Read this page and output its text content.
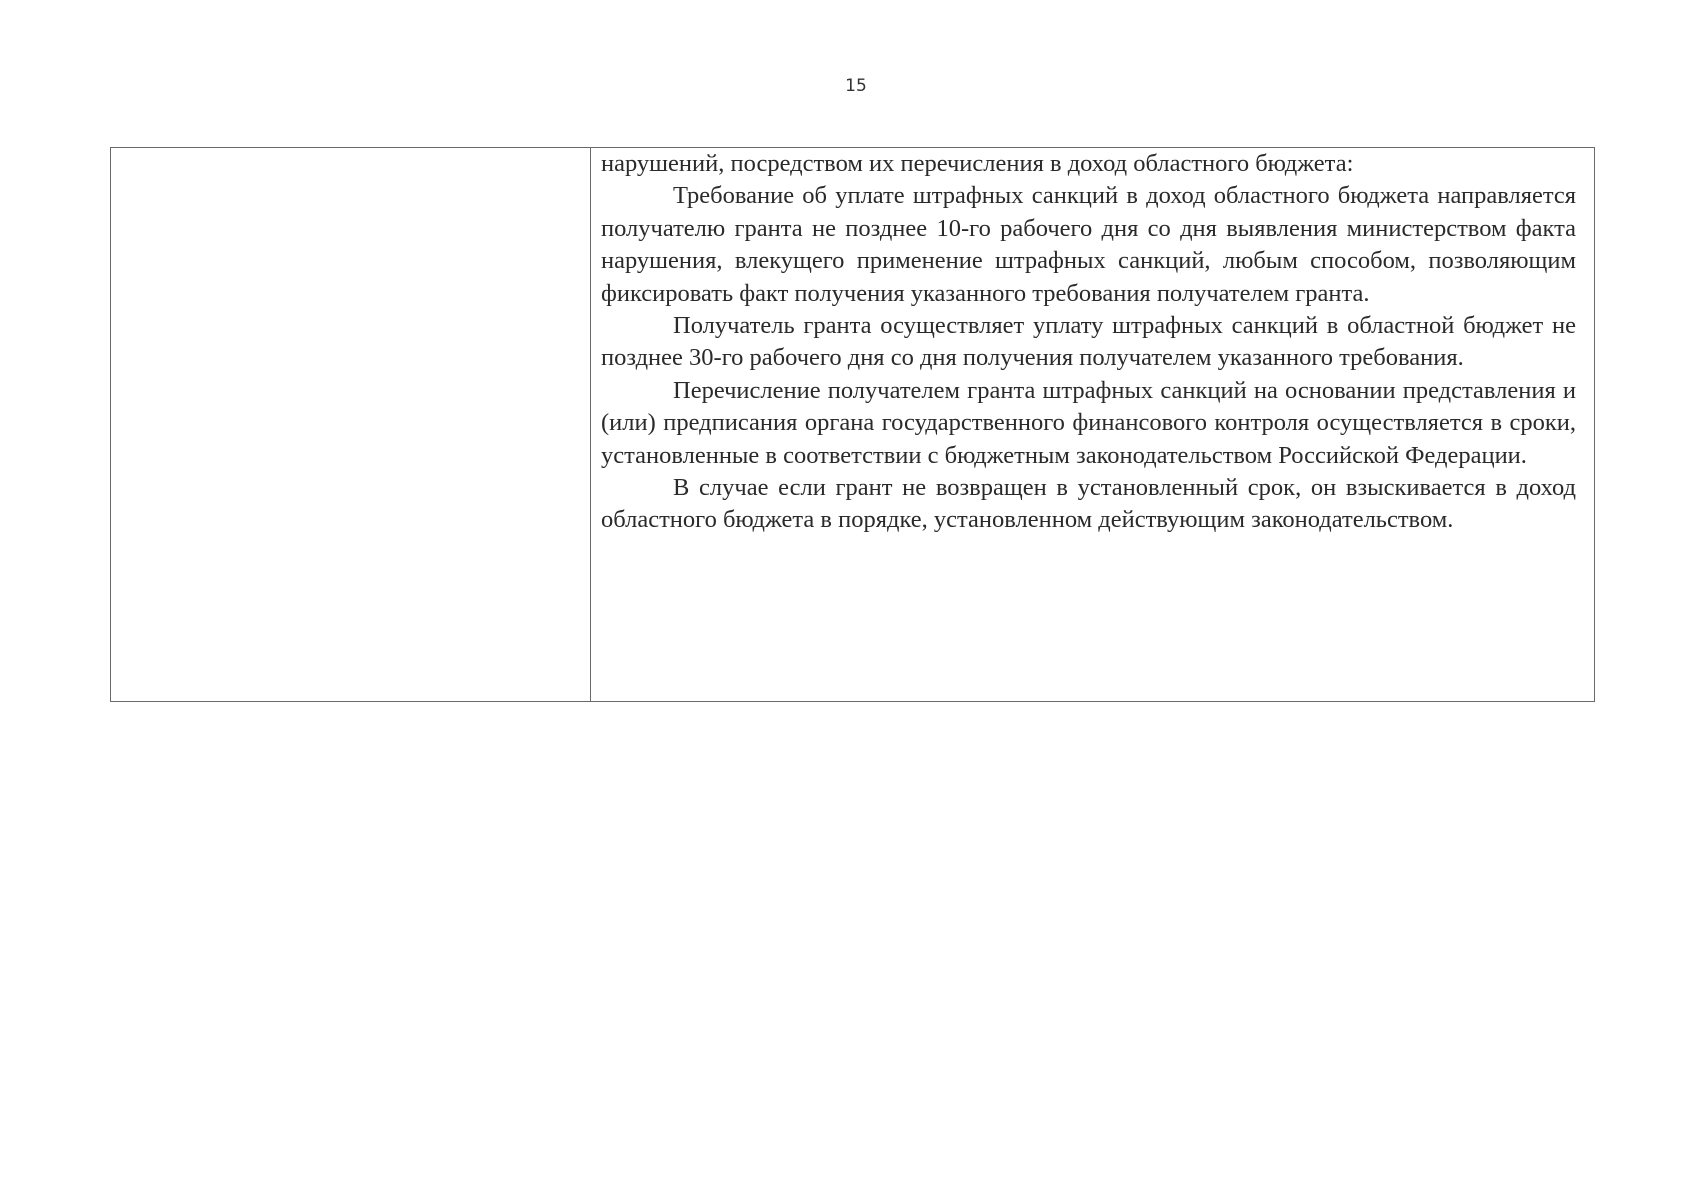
15

нарушений, посредством их перечисления в доход областного бюджета:

Требование об уплате штрафных санкций в доход областного бюджета направляется получателю гранта не позднее 10-го рабочего дня со дня выявления министерством факта нарушения, влекущего применение штрафных санкций, любым способом, позволяющим фиксировать факт получения указанного требования получателем гранта.

Получатель гранта осуществляет уплату штрафных санкций в областной бюджет не позднее 30-го рабочего дня со дня получения получателем указанного требования.

Перечисление получателем гранта штрафных санкций на основании представления и (или) предписания органа государственного финансового контроля осуществляется в сроки, установленные в соответствии с бюджетным законодательством Российской Федерации.

В случае если грант не возвращен в установленный срок, он взыскивается в доход областного бюджета в порядке, установленном действующим законодательством.
